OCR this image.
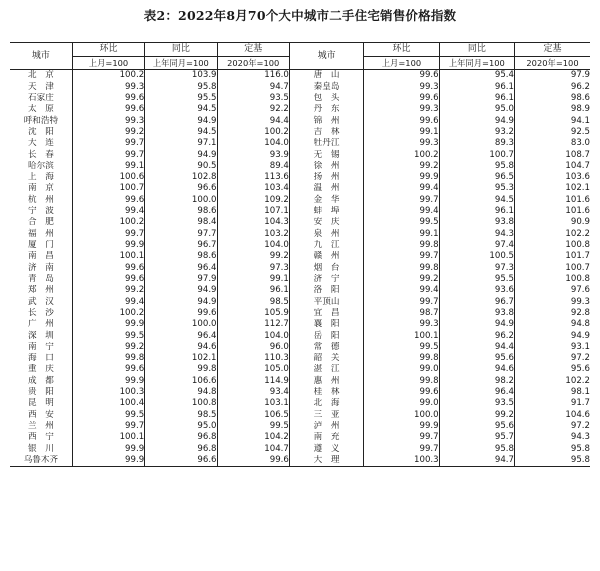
表2：2022年8月70个大中城市二手住宅销售价格指数
城市	环比	同比	定基	城市	环比	同比	定基
	上月=100	上年同月=100	2020年=100		上月=100	上年同月=100	2020年=100
北　京	100.2	103.9	116.0	唐　山	99.6	95.4	97.9
天　津	99.3	95.8	94.7	秦皇岛	99.3	96.1	96.2
石家庄	99.6	95.5	93.5	包　头	99.6	96.1	98.6
太　原	99.6	94.5	92.2	丹　东	99.3	95.0	98.9
呼和浩特	99.3	94.9	94.4	锦　州	99.6	94.9	94.1
沈　阳	99.2	94.5	100.2	吉　林	99.1	93.2	92.5
大　连	99.7	97.1	104.0	牡丹江	99.3	89.3	83.0
长　春	99.7	94.9	93.9	无　锡	100.2	100.7	108.7
哈尔滨	99.1	90.5	89.4	徐　州	99.2	95.8	104.7
上　海	100.6	102.8	113.6	扬　州	99.9	96.5	103.6
南　京	100.7	96.6	103.4	温　州	99.4	95.3	102.1
杭　州	99.6	100.0	109.2	金　华	99.7	94.5	101.6
宁　波	99.4	98.6	107.1	蚌　埠	99.4	96.1	101.6
合　肥	100.2	98.4	104.3	安　庆	99.5	93.8	90.9
福　州	99.7	97.7	103.2	泉　州	99.1	94.3	102.2
厦　门	99.9	96.7	104.0	九　江	99.8	97.4	100.8
南　昌	100.1	98.6	99.2	赣　州	99.7	100.5	101.7
济　南	99.6	96.4	97.3	烟　台	99.8	97.3	100.7
青　岛	99.6	97.9	99.1	济　宁	99.2	95.5	100.8
郑　州	99.2	94.9	96.1	洛　阳	99.4	93.6	97.6
武　汉	99.4	94.9	98.5	平顶山	99.7	96.7	99.3
长　沙	100.2	99.6	105.9	宜　昌	98.7	93.8	92.8
广　州	99.9	100.0	112.7	襄　阳	99.3	94.9	94.8
深　圳	99.5	96.4	104.0	岳　阳	100.1	96.2	94.9
南　宁	99.2	94.6	96.0	常　德	99.5	94.4	93.1
海　口	99.8	102.1	110.3	韶　关	99.8	95.6	97.2
重　庆	99.6	99.8	105.0	湛　江	99.0	94.6	95.6
成　都	99.9	106.6	114.9	惠　州	99.8	98.2	102.2
贵　阳	100.3	94.8	93.4	桂　林	99.6	96.4	98.1
昆　明	100.4	100.8	103.1	北　海	99.0	93.5	91.7
西　安	99.5	98.5	106.5	三　亚	100.0	99.2	104.6
兰　州	99.7	95.0	99.5	泸　州	99.9	95.6	97.2
西　宁	100.1	96.8	104.2	南　充	99.7	95.7	94.3
银　川	99.9	96.8	104.7	遵　义	99.7	95.8	95.8
乌鲁木齐	99.9	96.6	99.6	大　理	100.3	94.7	95.8
